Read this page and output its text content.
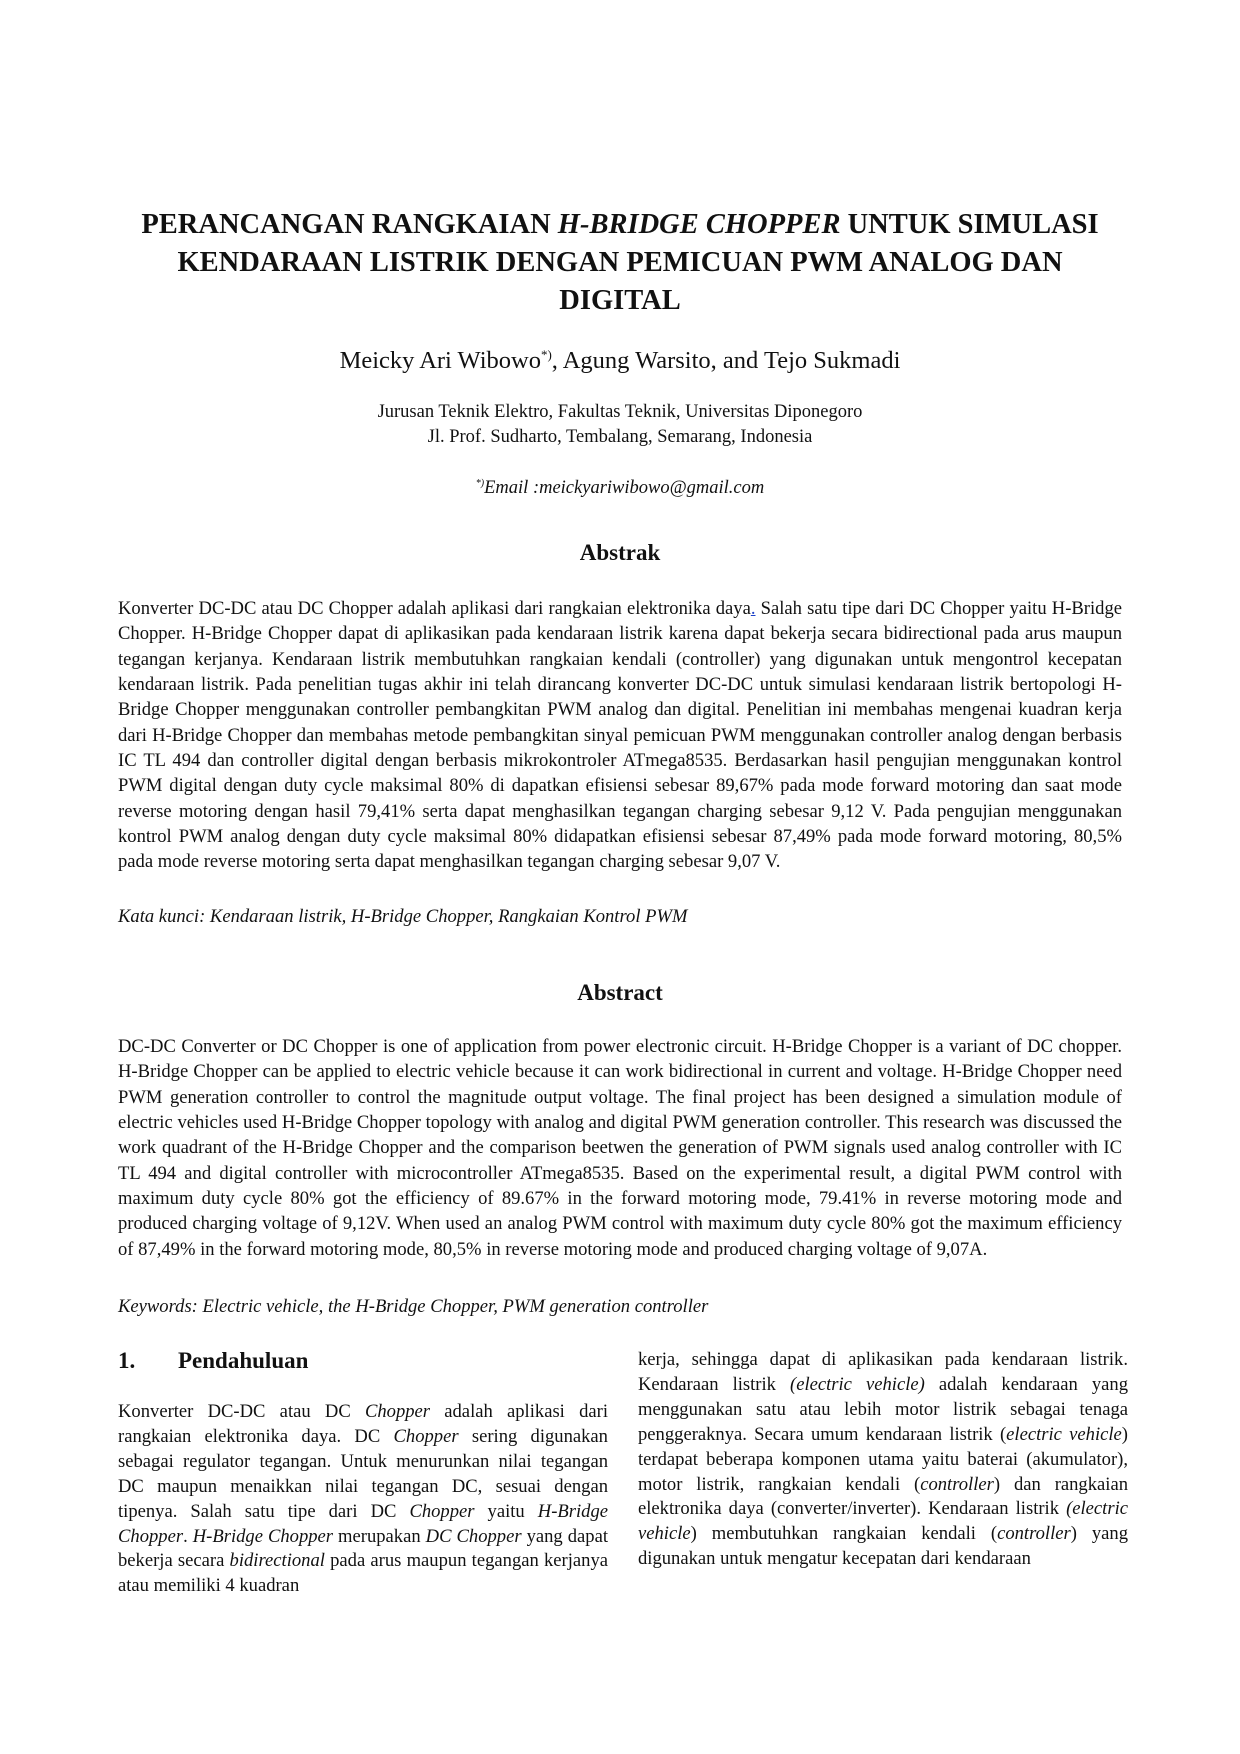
PERANCANGAN RANGKAIAN H-BRIDGE CHOPPER UNTUK SIMULASI KENDARAAN LISTRIK DENGAN PEMICUAN PWM ANALOG DAN DIGITAL

Meicky Ari Wibowo*), Agung Warsito, and Tejo Sukmadi

Jurusan Teknik Elektro, Fakultas Teknik, Universitas Diponegoro
Jl. Prof. Sudharto, Tembalang, Semarang, Indonesia

*)Email :meickyariwibowo@gmail.com

Abstrak

Konverter DC-DC atau DC Chopper adalah aplikasi dari rangkaian elektronika daya. Salah satu tipe dari DC Chopper yaitu H-Bridge Chopper. H-Bridge Chopper dapat di aplikasikan pada kendaraan listrik karena dapat bekerja secara bidirectional pada arus maupun tegangan kerjanya. Kendaraan listrik membutuhkan rangkaian kendali (controller) yang digunakan untuk mengontrol kecepatan kendaraan listrik. Pada penelitian tugas akhir ini telah dirancang konverter DC-DC untuk simulasi kendaraan listrik bertopologi H-Bridge Chopper menggunakan controller pembangkitan PWM analog dan digital. Penelitian ini membahas mengenai kuadran kerja dari H-Bridge Chopper dan membahas metode pembangkitan sinyal pemicuan PWM menggunakan controller analog dengan berbasis IC TL 494 dan controller digital dengan berbasis mikrokontroler ATmega8535. Berdasarkan hasil pengujian menggunakan kontrol PWM digital dengan duty cycle maksimal 80% di dapatkan efisiensi sebesar 89,67% pada mode forward motoring dan saat mode reverse motoring dengan hasil 79,41% serta dapat menghasilkan tegangan charging sebesar 9,12 V. Pada pengujian menggunakan kontrol PWM analog dengan duty cycle maksimal 80% didapatkan efisiensi sebesar 87,49% pada mode forward motoring, 80,5% pada mode reverse motoring serta dapat menghasilkan tegangan charging sebesar 9,07 V.

Kata kunci: Kendaraan listrik, H-Bridge Chopper, Rangkaian Kontrol PWM

Abstract

DC-DC Converter or DC Chopper is one of application from power electronic circuit. H-Bridge Chopper is a variant of DC chopper. H-Bridge Chopper can be applied to electric vehicle because it can work bidirectional in current and voltage. H-Bridge Chopper need PWM generation controller to control the magnitude output voltage. The final project has been designed a simulation module of electric vehicles used H-Bridge Chopper topology with analog and digital PWM generation controller. This research was discussed the work quadrant of the H-Bridge Chopper and the comparison beetwen the generation of PWM signals used analog controller with IC TL 494 and digital controller with microcontroller ATmega8535. Based on the experimental result, a digital PWM control with maximum duty cycle 80% got the efficiency of 89.67% in the forward motoring mode, 79.41% in reverse motoring mode and produced charging voltage of 9,12V. When used an analog PWM control with maximum duty cycle 80% got the maximum efficiency of 87,49% in the forward motoring mode, 80,5% in reverse motoring mode and produced charging voltage of 9,07A.

Keywords: Electric vehicle, the H-Bridge Chopper, PWM generation controller

1. Pendahuluan

Konverter DC-DC atau DC Chopper adalah aplikasi dari rangkaian elektronika daya. DC Chopper sering digunakan sebagai regulator tegangan. Untuk menurunkan nilai tegangan DC maupun menaikkan nilai tegangan DC, sesuai dengan tipenya. Salah satu tipe dari DC Chopper yaitu H-Bridge Chopper. H-Bridge Chopper merupakan DC Chopper yang dapat bekerja secara bidirectional pada arus maupun tegangan kerjanya atau memiliki 4 kuadran

kerja, sehingga dapat di aplikasikan pada kendaraan listrik. Kendaraan listrik (electric vehicle) adalah kendaraan yang menggunakan satu atau lebih motor listrik sebagai tenaga penggeraknya. Secara umum kendaraan listrik (electric vehicle) terdapat beberapa komponen utama yaitu baterai (akumulator), motor listrik, rangkaian kendali (controller) dan rangkaian elektronika daya (converter/inverter). Kendaraan listrik (electric vehicle) membutuhkan rangkaian kendali (controller) yang digunakan untuk mengatur kecepatan dari kendaraan
